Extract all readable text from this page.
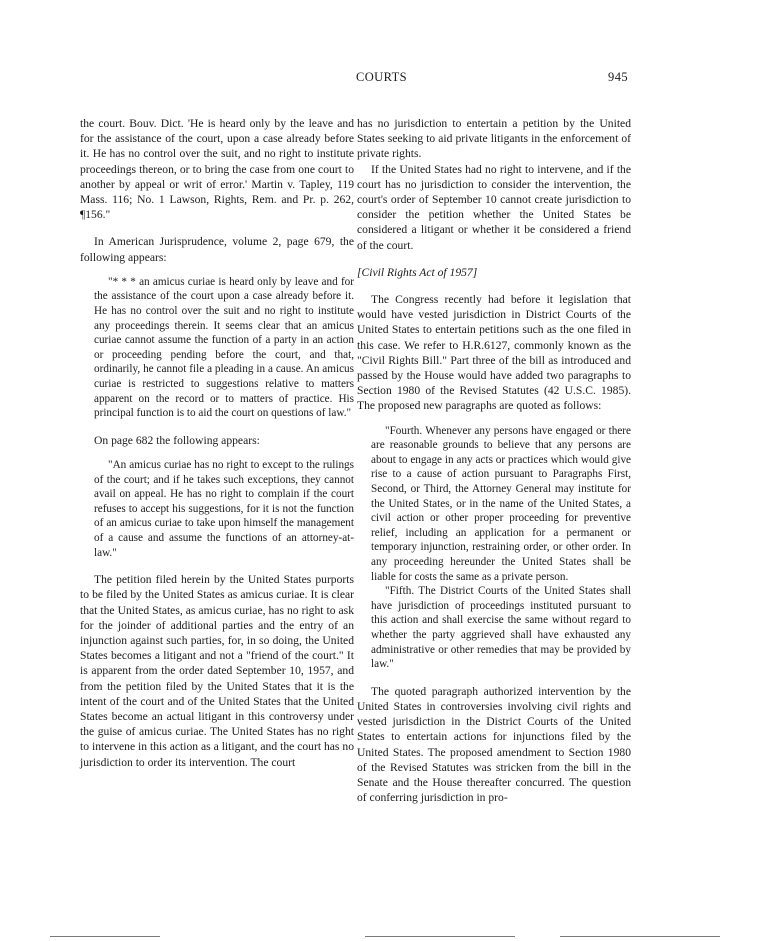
COURTS	945

the court. Bouv. Dict. 'He is heard only by the leave and for the assistance of the court, upon a case already before it. He has no control over the suit, and no right to institute proceedings thereon, or to bring the case from one court to another by appeal or writ of error.' Martin v. Tapley, 119 Mass. 116; No. 1 Lawson, Rights, Rem. and Pr. p. 262, ¶156."

In American Jurisprudence, volume 2, page 679, the following appears:

"* * * an amicus curiae is heard only by leave and for the assistance of the court upon a case already before it. He has no control over the suit and no right to institute any proceedings therein. It seems clear that an amicus curiae cannot assume the function of a party in an action or proceeding pending before the court, and that, ordinarily, he cannot file a pleading in a cause. An amicus curiae is restricted to suggestions relative to matters apparent on the record or to matters of practice. His principal function is to aid the court on questions of law."

On page 682 the following appears:

"An amicus curiae has no right to except to the rulings of the court; and if he takes such exceptions, they cannot avail on appeal. He has no right to complain if the court refuses to accept his suggestions, for it is not the function of an amicus curiae to take upon himself the management of a cause and assume the functions of an attorney-at-law."

The petition filed herein by the United States purports to be filed by the United States as amicus curiae. It is clear that the United States, as amicus curiae, has no right to ask for the joinder of additional parties and the entry of an injunction against such parties, for, in so doing, the United States becomes a litigant and not a "friend of the court." It is apparent from the order dated September 10, 1957, and from the petition filed by the United States that it is the intent of the court and of the United States that the United States become an actual litigant in this controversy under the guise of amicus curiae. The United States has no right to intervene in this action as a litigant, and the court has no jurisdiction to order its intervention. The court

has no jurisdiction to entertain a petition by the United States seeking to aid private litigants in the enforcement of private rights.

If the United States had no right to intervene, and if the court has no jurisdiction to consider the intervention, the court's order of September 10 cannot create jurisdiction to consider the petition whether the United States be considered a litigant or whether it be considered a friend of the court.

[Civil Rights Act of 1957]

The Congress recently had before it legislation that would have vested jurisdiction in District Courts of the United States to entertain petitions such as the one filed in this case. We refer to H.R.6127, commonly known as the "Civil Rights Bill." Part three of the bill as introduced and passed by the House would have added two paragraphs to Section 1980 of the Revised Statutes (42 U.S.C. 1985). The proposed new paragraphs are quoted as follows:

"Fourth. Whenever any persons have engaged or there are reasonable grounds to believe that any persons are about to engage in any acts or practices which would give rise to a cause of action pursuant to Paragraphs First, Second, or Third, the Attorney General may institute for the United States, or in the name of the United States, a civil action or other proper proceeding for preventive relief, including an application for a permanent or temporary injunction, restraining order, or other order. In any proceeding hereunder the United States shall be liable for costs the same as a private person.

"Fifth. The District Courts of the United States shall have jurisdiction of proceedings instituted pursuant to this action and shall exercise the same without regard to whether the party aggrieved shall have exhausted any administrative or other remedies that may be provided by law."

The quoted paragraph authorized intervention by the United States in controversies involving civil rights and vested jurisdiction in the District Courts of the United States to entertain actions for injunctions filed by the United States. The proposed amendment to Section 1980 of the Revised Statutes was stricken from the bill in the Senate and the House thereafter concurred. The question of conferring jurisdiction in pro-
